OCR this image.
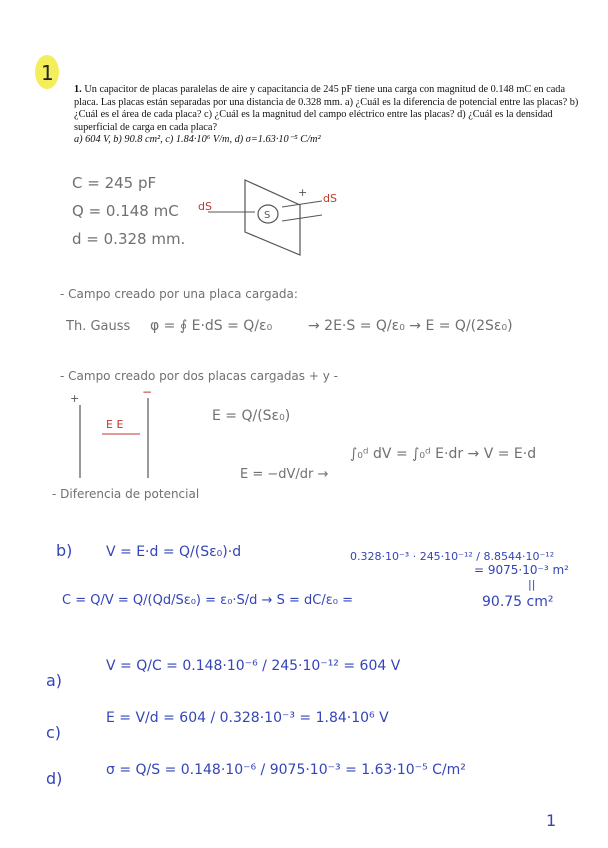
1. Un capacitor de placas paralelas de aire y capacitancia de 245 pF tiene una carga con magnitud de 0.148 mC en cada placa. Las placas están separadas por una distancia de 0.328 mm. a) ¿Cuál es la diferencia de potencial entre las placas? b) ¿Cuál es el área de cada placa? c) ¿Cuál es la magnitud del campo eléctrico entre las placas? d) ¿Cuál es la densidad superficial de carga en cada placa?
a) 604 V, b) 90.8 cm², c) 1.84·10⁶ V/m, d) σ=1.63·10⁻⁵ C/m²
1
C = 245 pF
Q = 0.148 mC
d = 0.328 mm.
dS
dS
S
+
- Campo creado por una placa cargada:
Th. Gauss φ = ∮ E·dS = Q/ε₀	→ 2E·S = Q/ε₀ → E = Q/(2Sε₀)
- Campo creado por dos placas cargadas + y -
+	−
E E
E = Q/(Sε₀)
- Diferencia de potencial
E = −dV/dr →
∫₀ᵈ dV = ∫₀ᵈ E·dr → V = E·d
b) V = E·d = Q/(Sε₀)·d	0.328·10⁻³ · 245·10⁻¹² / 8.8544·10⁻¹²
= 9075·10⁻³ m²
C = Q/V = Q/(Qd/Sε₀) = ε₀·S/d → S = dC/ε₀ =
||
90.75 cm²
a)
V = Q/C = 0.148·10⁻⁶ / 245·10⁻¹² = 604 V
c)
E = V/d = 604 / 0.328·10⁻³ = 1.84·10⁶ V
d)	σ = Q/S = 0.148·10⁻⁶ / 9075·10⁻³ = 1.63·10⁻⁵ C/m²
1
